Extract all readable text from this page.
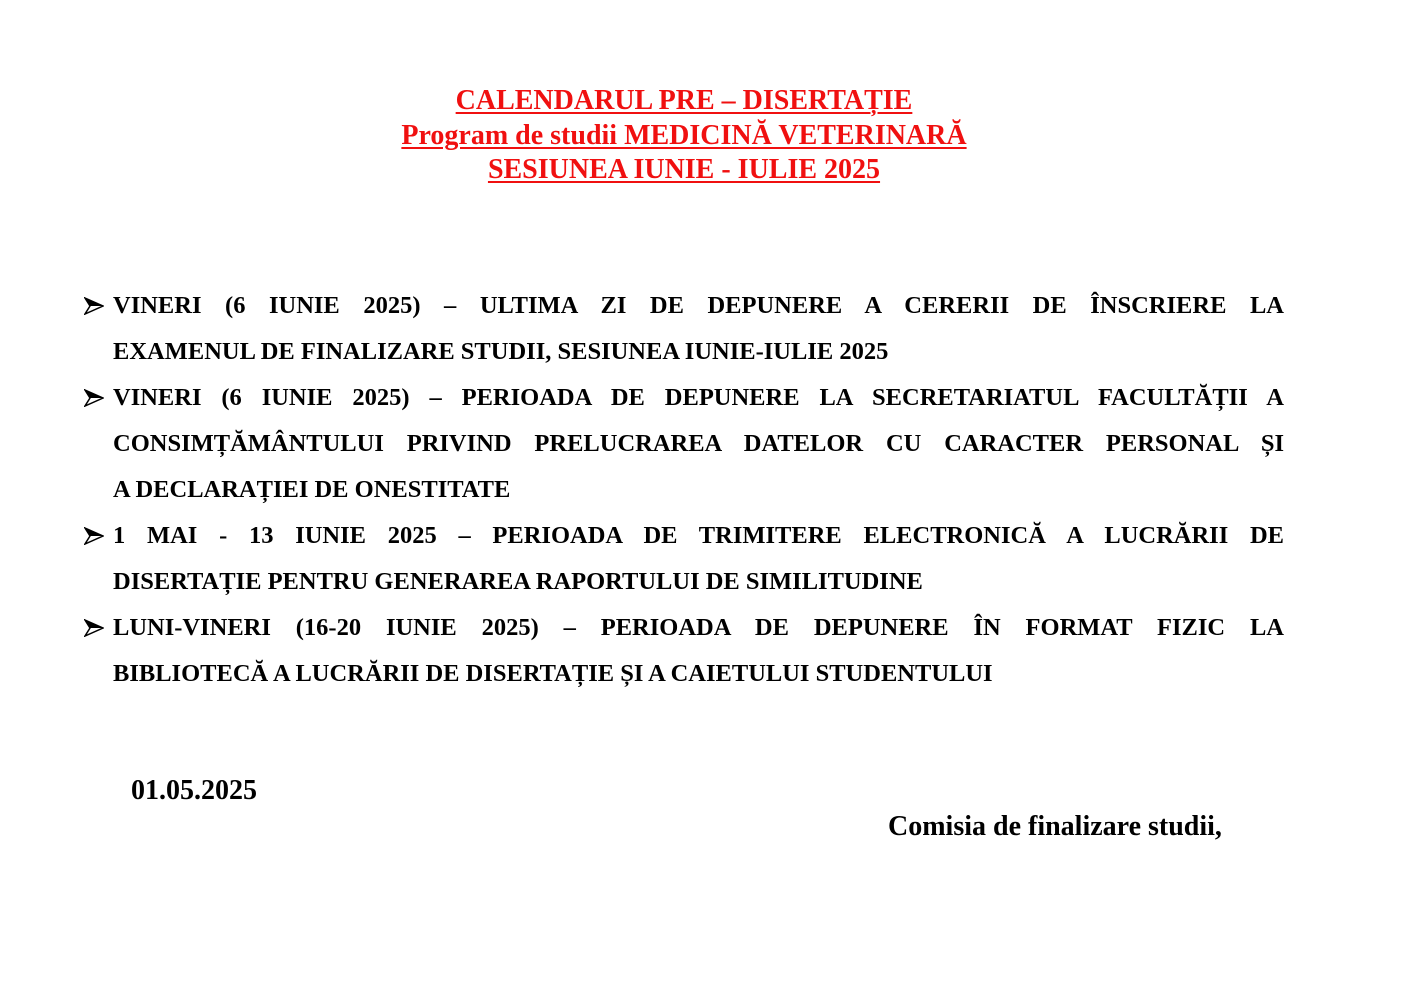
CALENDARUL PRE – DISERTAȚIE
Program de studii MEDICINĂ VETERINARĂ
SESIUNEA IUNIE - IULIE 2025
VINERI (6 IUNIE 2025) – ULTIMA ZI DE DEPUNERE A CERERII DE ÎNSCRIERE LA
EXAMENUL DE FINALIZARE STUDII, SESIUNEA IUNIE-IULIE 2025
VINERI (6 IUNIE 2025) – PERIOADA DE DEPUNERE LA SECRETARIATUL FACULTĂȚII A
CONSIMȚĂMÂNTULUI PRIVIND PRELUCRAREA DATELOR CU CARACTER PERSONAL ȘI
A DECLARAȚIEI DE ONESTITATE
1 MAI - 13 IUNIE 2025 – PERIOADA DE TRIMITERE ELECTRONICĂ A LUCRĂRII DE
DISERTAȚIE PENTRU GENERAREA RAPORTULUI DE SIMILITUDINE
LUNI-VINERI (16-20 IUNIE 2025) – PERIOADA DE DEPUNERE ÎN FORMAT FIZIC LA
BIBLIOTECĂ A LUCRĂRII DE DISERTAȚIE ȘI A CAIETULUI STUDENTULUI
01.05.2025
Comisia de finalizare studii,
